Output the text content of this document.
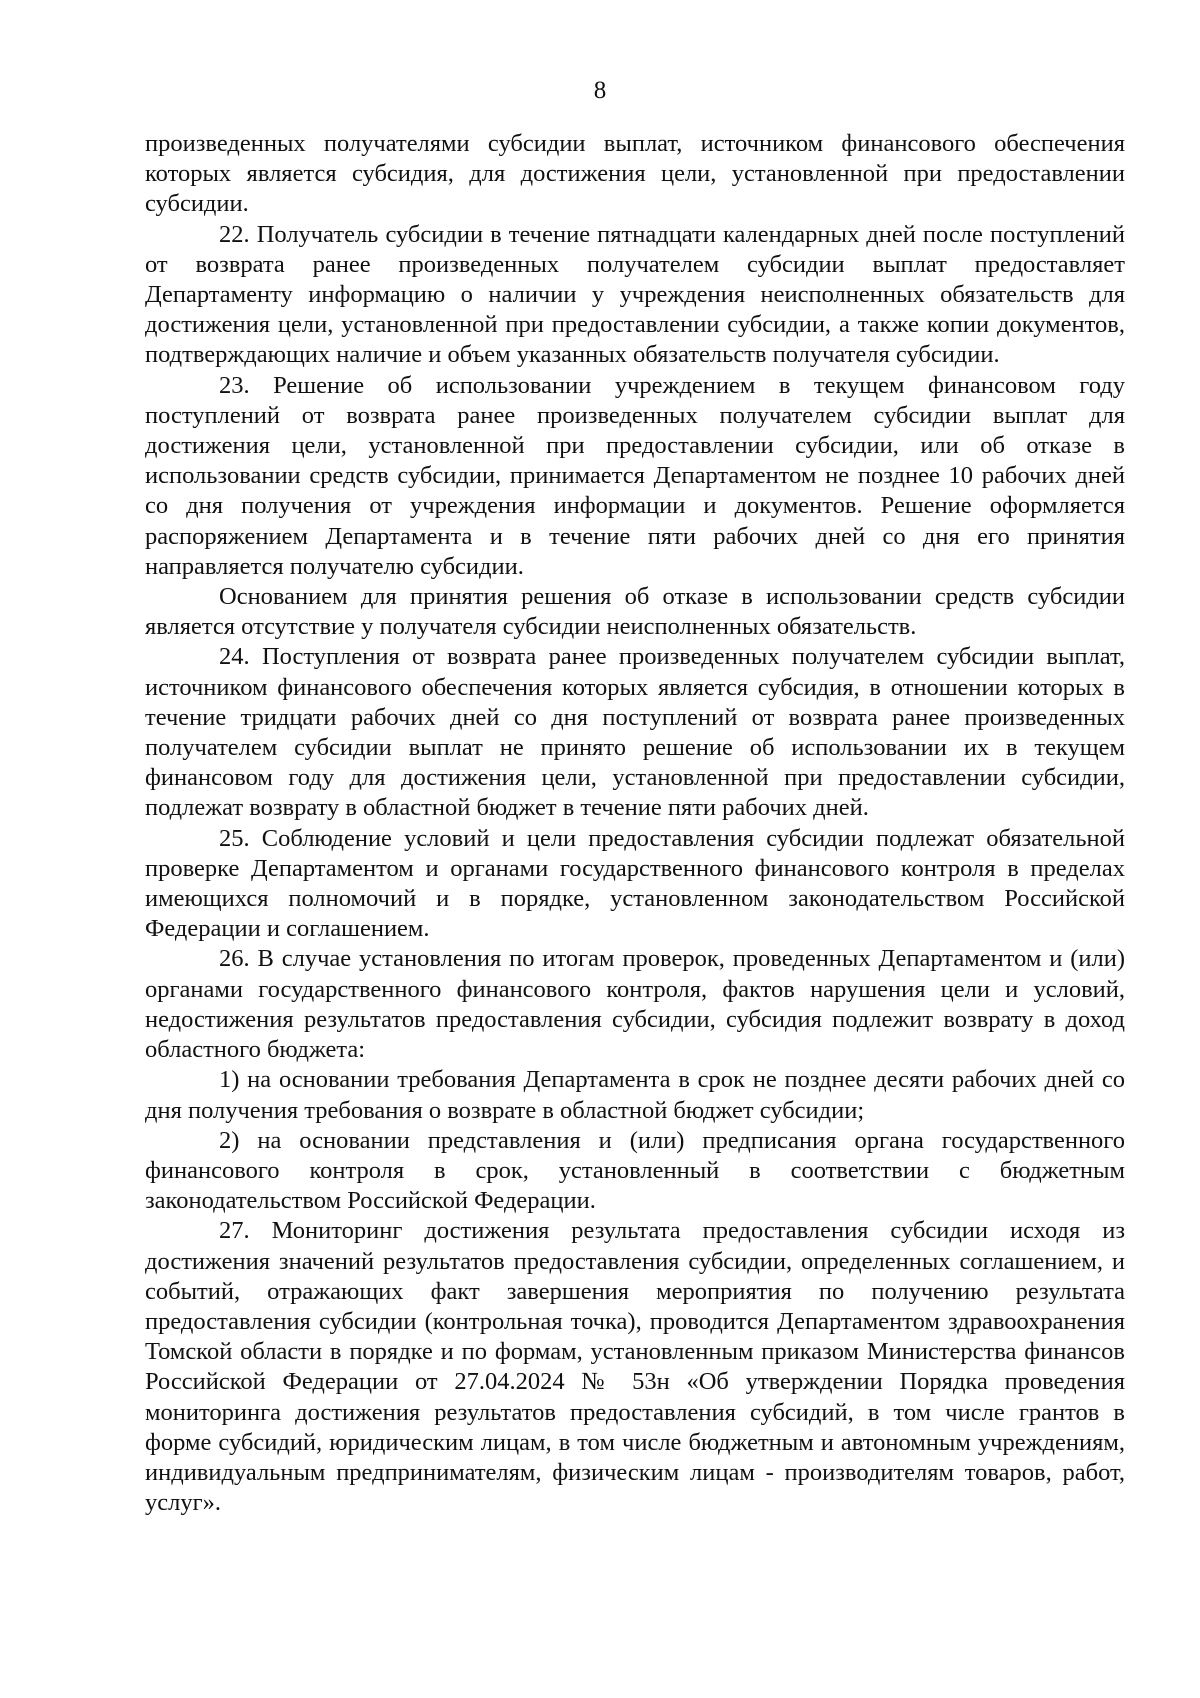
8

произведенных получателями субсидии выплат, источником финансового обеспечения которых является субсидия, для достижения цели, установленной при предоставлении субсидии.

22. Получатель субсидии в течение пятнадцати календарных дней после поступлений от возврата ранее произведенных получателем субсидии выплат предоставляет Департаменту информацию о наличии у учреждения неисполненных обязательств для достижения цели, установленной при предоставлении субсидии, а также копии документов, подтверждающих наличие и объем указанных обязательств получателя субсидии.

23. Решение об использовании учреждением в текущем финансовом году поступлений от возврата ранее произведенных получателем субсидии выплат для достижения цели, установленной при предоставлении субсидии, или об отказе в использовании средств субсидии, принимается Департаментом не позднее 10 рабочих дней со дня получения от учреждения информации и документов. Решение оформляется распоряжением Департамента и в течение пяти рабочих дней со дня его принятия направляется получателю субсидии.

Основанием для принятия решения об отказе в использовании средств субсидии является отсутствие у получателя субсидии неисполненных обязательств.

24. Поступления от возврата ранее произведенных получателем субсидии выплат, источником финансового обеспечения которых является субсидия, в отношении которых в течение тридцати рабочих дней со дня поступлений от возврата ранее произведенных получателем субсидии выплат не принято решение об использовании их в текущем финансовом году для достижения цели, установленной при предоставлении субсидии, подлежат возврату в областной бюджет в течение пяти рабочих дней.

25. Соблюдение условий и цели предоставления субсидии подлежат обязательной проверке Департаментом и органами государственного финансового контроля в пределах имеющихся полномочий и в порядке, установленном законодательством Российской Федерации и соглашением.

26. В случае установления по итогам проверок, проведенных Департаментом и (или) органами государственного финансового контроля, фактов нарушения цели и условий, недостижения результатов предоставления субсидии, субсидия подлежит возврату в доход областного бюджета:

1) на основании требования Департамента в срок не позднее десяти рабочих дней со дня получения требования о возврате в областной бюджет субсидии;

2) на основании представления и (или) предписания органа государственного финансового контроля в срок, установленный в соответствии с бюджетным законодательством Российской Федерации.

27. Мониторинг достижения результата предоставления субсидии исходя из достижения значений результатов предоставления субсидии, определенных соглашением, и событий, отражающих факт завершения мероприятия по получению результата предоставления субсидии (контрольная точка), проводится Департаментом здравоохранения Томской области в порядке и по формам, установленным приказом Министерства финансов Российской Федерации от 27.04.2024 № 53н «Об утверждении Порядка проведения мониторинга достижения результатов предоставления субсидий, в том числе грантов в форме субсидий, юридическим лицам, в том числе бюджетным и автономным учреждениям, индивидуальным предпринимателям, физическим лицам - производителям товаров, работ, услуг».
